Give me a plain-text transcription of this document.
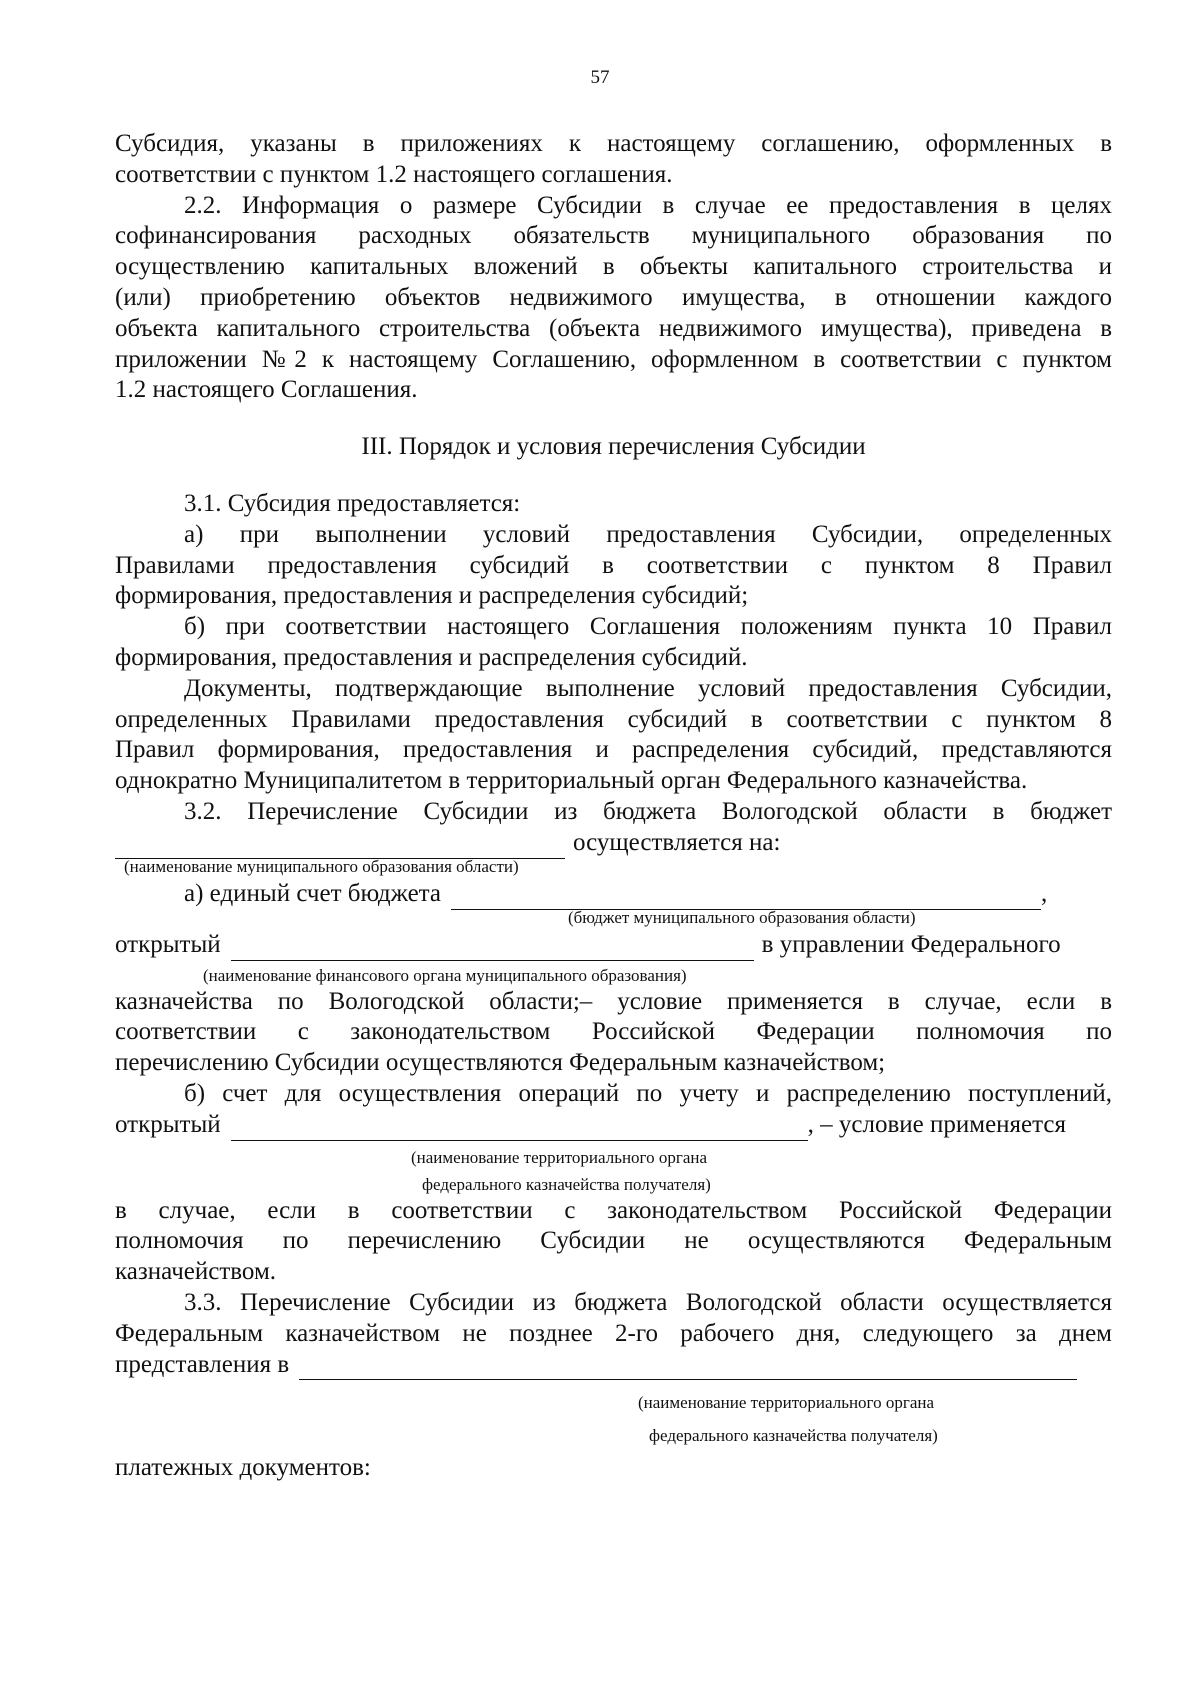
57

Субсидия, указаны в приложениях к настоящему соглашению, оформленных в

соответствии с пунктом 1.2 настоящего соглашения.

2.2. Информация о размере Субсидии в случае ее предоставления в целях

софинансирования расходных обязательств муниципального образования по

осуществлению капитальных вложений в объекты капитального строительства и

(или) приобретению объектов недвижимого имущества, в отношении каждого

объекта капитального строительства (объекта недвижимого имущества), приведена в

приложении №2 к настоящему Соглашению, оформленном в соответствии с пунктом

1.2 настоящего Соглашения.

III. Порядок и условия перечисления Субсидии

3.1. Субсидия предоставляется:

а) при выполнении условий предоставления Субсидии, определенных

Правилами предоставления субсидий в соответствии с пунктом 8 Правил

формирования, предоставления и распределения субсидий;

б) при соответствии настоящего Соглашения положениям пункта 10 Правил

формирования, предоставления и распределения субсидий.

Документы, подтверждающие выполнение условий предоставления Субсидии,

определенных Правилами предоставления субсидий в соответствии с пунктом 8

Правил формирования, предоставления и распределения субсидий, представляются

однократно Муниципалитетом в территориальный орган Федерального казначейства.

3.2. Перечисление Субсидии из бюджета Вологодской области в бюджет

осуществляется на:
(наименование муниципального образования области)
а) единый счет бюджета	,
(бюджет муниципального образования области)
открытый	в управлении Федерального
(наименование финансового органа муниципального образования)

казначейства по Вологодской области;– условие применяется в случае, если в

соответствии с законодательством Российской Федерации полномочия по

перечислению Субсидии осуществляются Федеральным казначейством;

б) счет для осуществления операций по учету и распределению поступлений,

открытый	, – условие применяется
(наименование территориального органа
федерального казначейства получателя)

в случае, если в соответствии с законодательством Российской Федерации

полномочия по перечислению Субсидии не осуществляются Федеральным

казначейством.

3.3. Перечисление Субсидии из бюджета Вологодской области осуществляется

Федеральным казначейством не позднее 2-го рабочего дня, следующего за днем

представления в
(наименование территориального органа
федерального казначейства получателя)

платежных документов:
